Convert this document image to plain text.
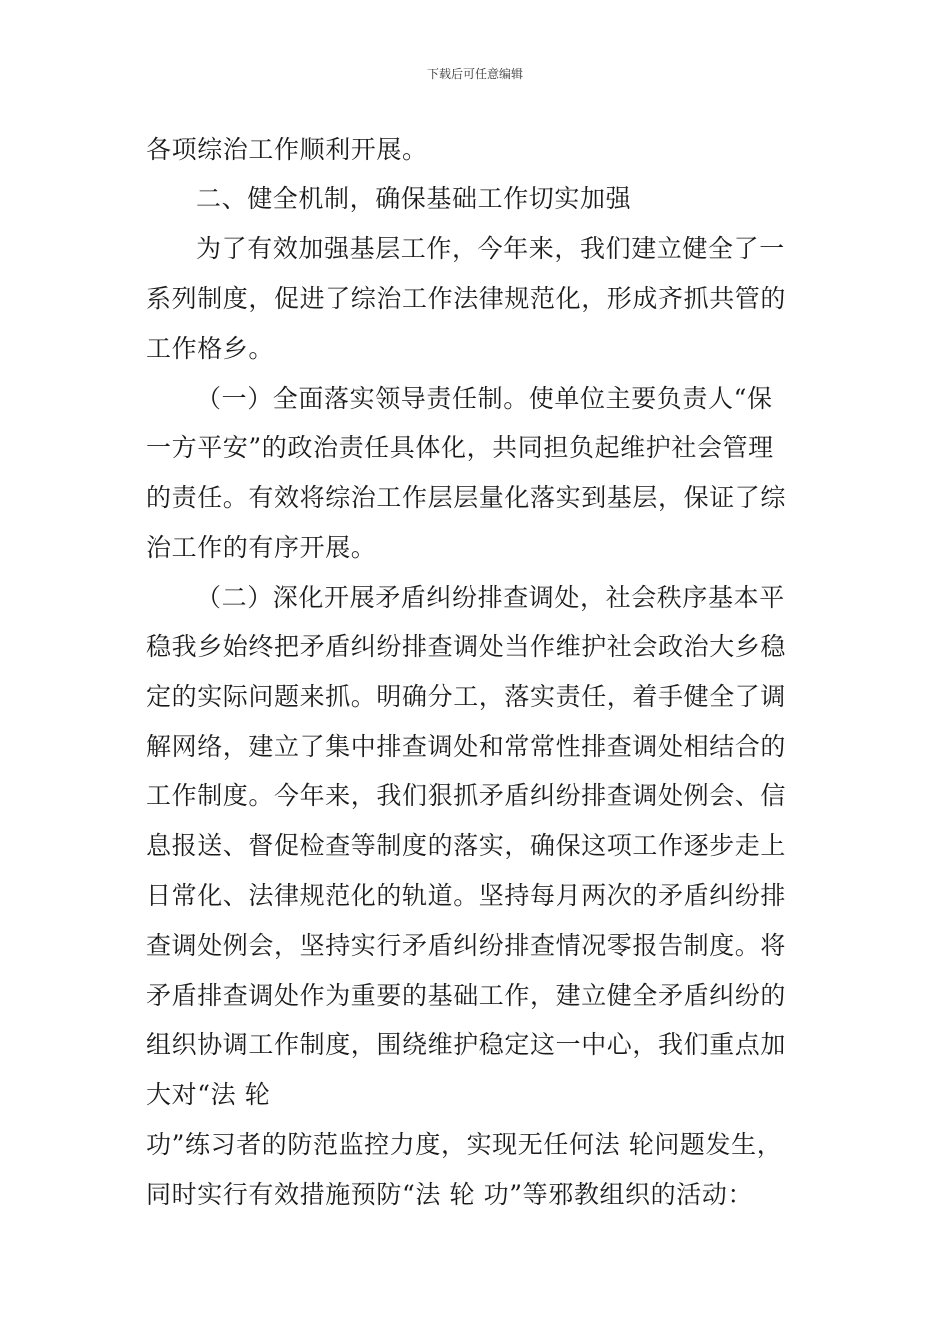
下载后可任意编辑
各项综治工作顺利开展。
二、健全机制，确保基础工作切实加强
为了有效加强基层工作，今年来，我们建立健全了一
系列制度，促进了综治工作法律规范化，形成齐抓共管的
工作格乡。
（一）全面落实领导责任制。使单位主要负责人“保
一方平安”的政治责任具体化，共同担负起维护社会管理
的责任。有效将综治工作层层量化落实到基层，保证了综
治工作的有序开展。
（二）深化开展矛盾纠纷排查调处，社会秩序基本平
稳我乡始终把矛盾纠纷排查调处当作维护社会政治大乡稳
定的实际问题来抓。明确分工，落实责任，着手健全了调
解网络，建立了集中排查调处和常常性排查调处相结合的
工作制度。今年来，我们狠抓矛盾纠纷排查调处例会、信
息报送、督促检查等制度的落实，确保这项工作逐步走上
日常化、法律规范化的轨道。坚持每月两次的矛盾纠纷排
查调处例会，坚持实行矛盾纠纷排查情况零报告制度。将
矛盾排查调处作为重要的基础工作，建立健全矛盾纠纷的
组织协调工作制度，围绕维护稳定这一中心，我们重点加
大对“法 轮
功”练习者的防范监控力度，实现无任何法 轮问题发生，
同时实行有效措施预防“法 轮 功”等邪教组织的活动：
